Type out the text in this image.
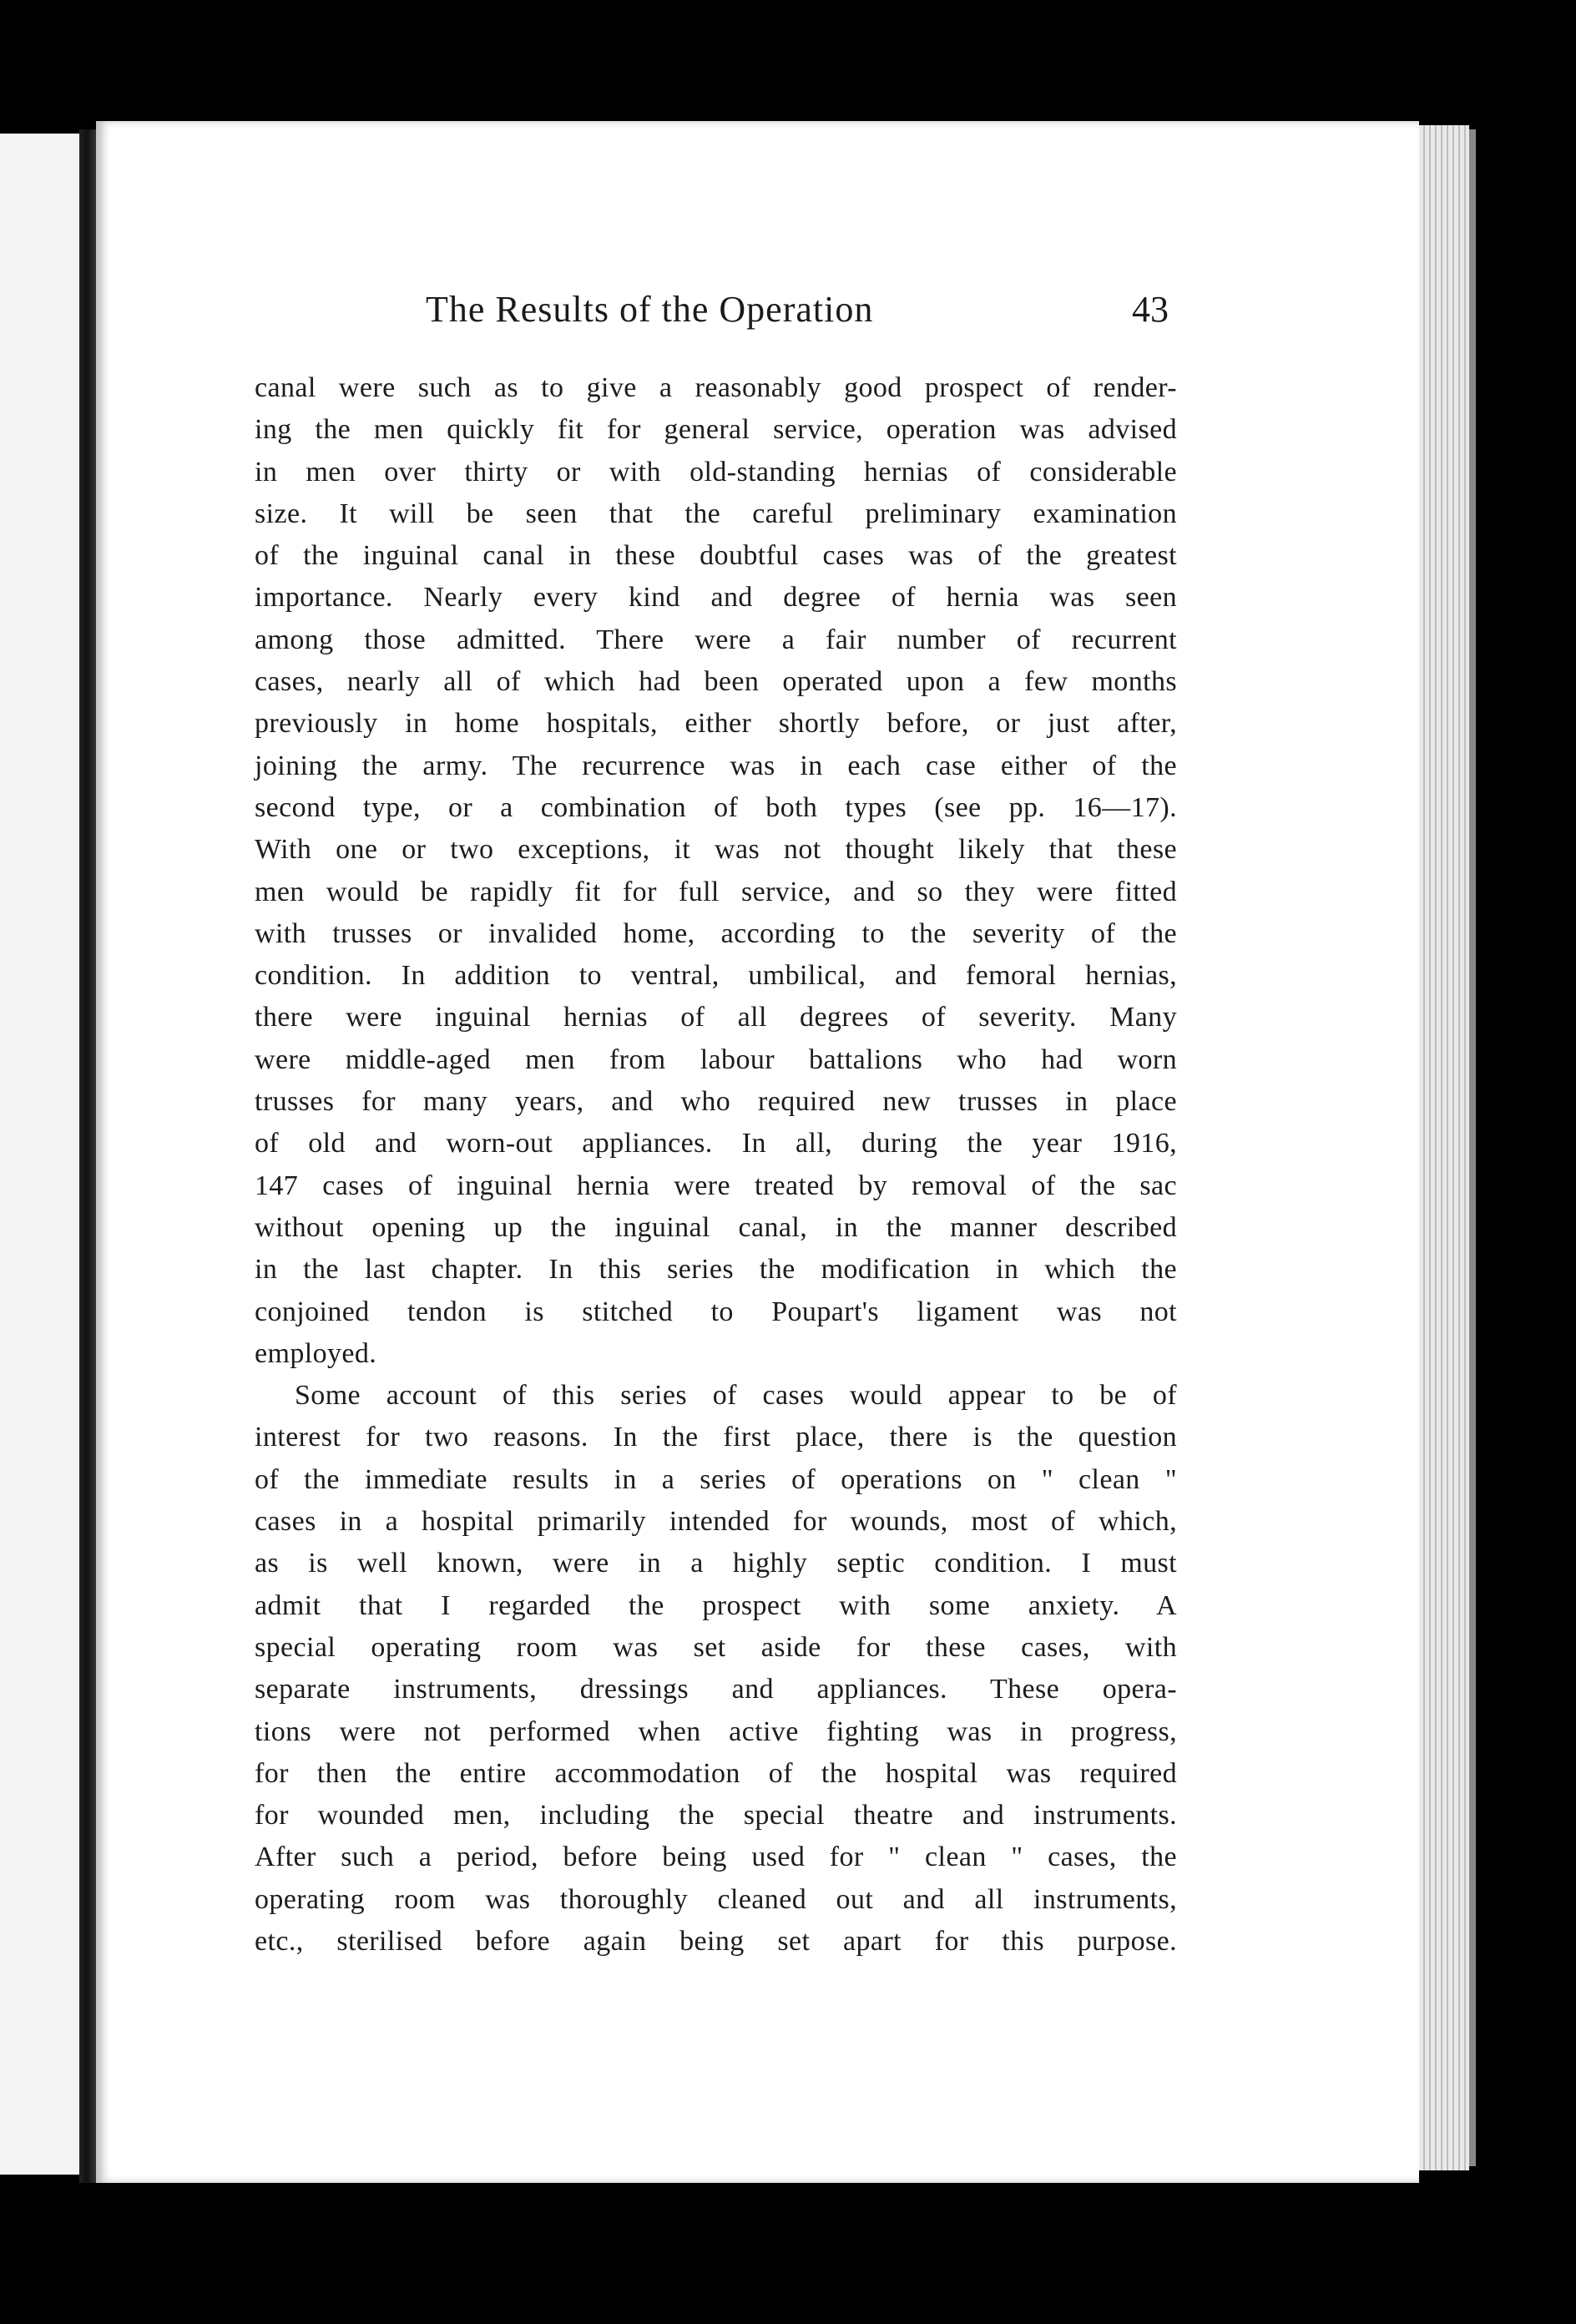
The Results of the Operation	43
canal were such as to give a reasonably good prospect of render-
ing the men quickly fit for general service, operation was advised
in men over thirty or with old-standing hernias of considerable
size. It will be seen that the careful preliminary examination
of the inguinal canal in these doubtful cases was of the greatest
importance. Nearly every kind and degree of hernia was seen
among those admitted. There were a fair number of recurrent
cases, nearly all of which had been operated upon a few months
previously in home hospitals, either shortly before, or just after,
joining the army. The recurrence was in each case either of the
second type, or a combination of both types (see pp. 16—17).
With one or two exceptions, it was not thought likely that these
men would be rapidly fit for full service, and so they were fitted
with trusses or invalided home, according to the severity of the
condition. In addition to ventral, umbilical, and femoral hernias,
there were inguinal hernias of all degrees of severity. Many
were middle-aged men from labour battalions who had worn
trusses for many years, and who required new trusses in place
of old and worn-out appliances. In all, during the year 1916,
147 cases of inguinal hernia were treated by removal of the sac
without opening up the inguinal canal, in the manner described
in the last chapter. In this series the modification in which the
conjoined tendon is stitched to Poupart's ligament was not
employed.
Some account of this series of cases would appear to be of
interest for two reasons. In the first place, there is the question
of the immediate results in a series of operations on " clean "
cases in a hospital primarily intended for wounds, most of which,
as is well known, were in a highly septic condition. I must
admit that I regarded the prospect with some anxiety. A
special operating room was set aside for these cases, with
separate instruments, dressings and appliances. These opera-
tions were not performed when active fighting was in progress,
for then the entire accommodation of the hospital was required
for wounded men, including the special theatre and instruments.
After such a period, before being used for " clean " cases, the
operating room was thoroughly cleaned out and all instruments,
etc., sterilised before again being set apart for this purpose.
